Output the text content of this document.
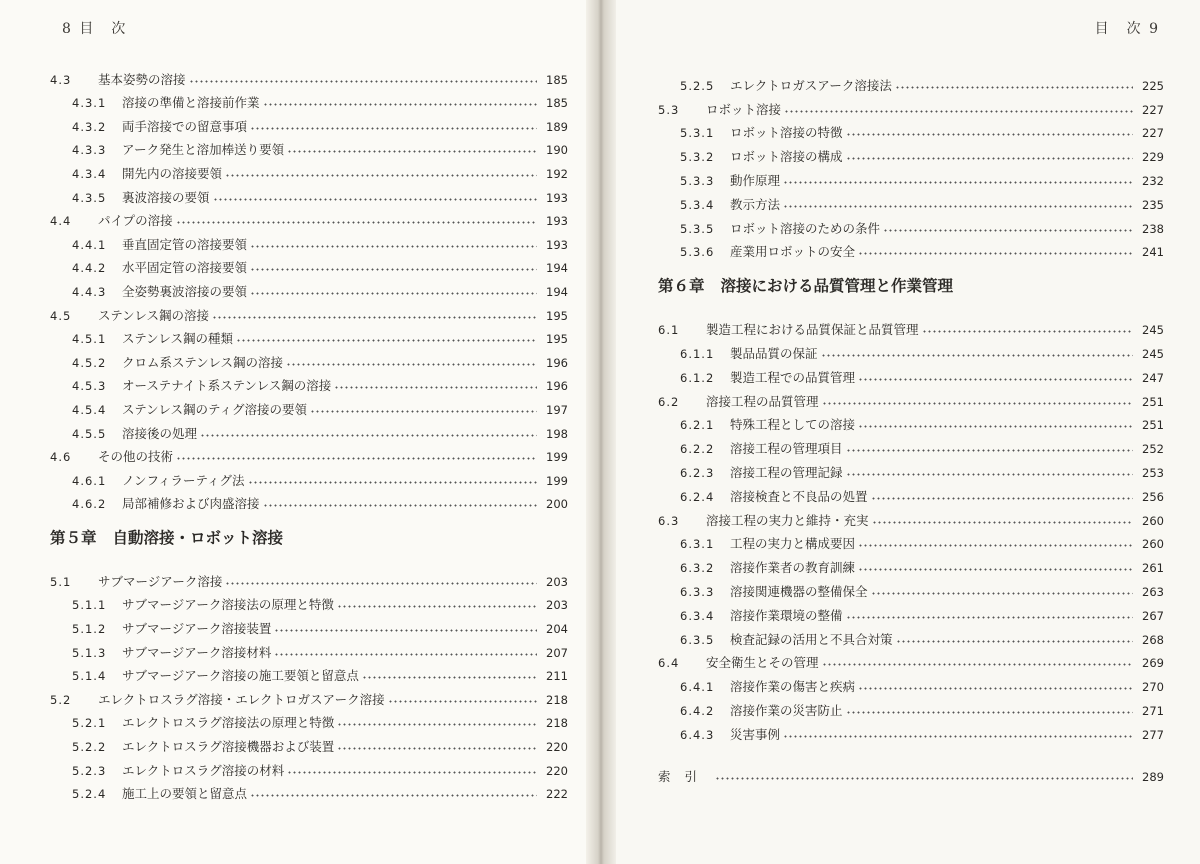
8 目　次
4.3	基本姿勢の溶接	185
4.3.1	溶接の準備と溶接前作業	185
4.3.2	両手溶接での留意事項	189
4.3.3	アーク発生と溶加棒送り要領	190
4.3.4	開先内の溶接要領	192
4.3.5	裏波溶接の要領	193
4.4	パイプの溶接	193
4.4.1	垂直固定管の溶接要領	193
4.4.2	水平固定管の溶接要領	194
4.4.3	全姿勢裏波溶接の要領	194
4.5	ステンレス鋼の溶接	195
4.5.1	ステンレス鋼の種類	195
4.5.2	クロム系ステンレス鋼の溶接	196
4.5.3	オーステナイト系ステンレス鋼の溶接	196
4.5.4	ステンレス鋼のティグ溶接の要領	197
4.5.5	溶接後の処理	198
4.6	その他の技術	199
4.6.1	ノンフィラーティグ法	199
4.6.2	局部補修および肉盛溶接	200
第５章 自動溶接・ロボット溶接
5.1	サブマージアーク溶接	203
5.1.1	サブマージアーク溶接法の原理と特徴	203
5.1.2	サブマージアーク溶接装置	204
5.1.3	サブマージアーク溶接材料	207
5.1.4	サブマージアーク溶接の施工要領と留意点	211
5.2	エレクトロスラグ溶接・エレクトロガスアーク溶接	218
5.2.1	エレクトロスラグ溶接法の原理と特徴	218
5.2.2	エレクトロスラグ溶接機器および装置	220
5.2.3	エレクトロスラグ溶接の材料	220
5.2.4	施工上の要領と留意点	222
目　次 9
5.2.5	エレクトロガスアーク溶接法	225
5.3	ロボット溶接	227
5.3.1	ロボット溶接の特徴	227
5.3.2	ロボット溶接の構成	229
5.3.3	動作原理	232
5.3.4	教示方法	235
5.3.5	ロボット溶接のための条件	238
5.3.6	産業用ロボットの安全	241
第６章 溶接における品質管理と作業管理
6.1	製造工程における品質保証と品質管理	245
6.1.1	製品品質の保証	245
6.1.2	製造工程での品質管理	247
6.2	溶接工程の品質管理	251
6.2.1	特殊工程としての溶接	251
6.2.2	溶接工程の管理項目	252
6.2.3	溶接工程の管理記録	253
6.2.4	溶接検査と不良品の処置	256
6.3	溶接工程の実力と維持・充実	260
6.3.1	工程の実力と構成要因	260
6.3.2	溶接作業者の教育訓練	261
6.3.3	溶接関連機器の整備保全	263
6.3.4	溶接作業環境の整備	267
6.3.5	検査記録の活用と不具合対策	268
6.4	安全衛生とその管理	269
6.4.1	溶接作業の傷害と疾病	270
6.4.2	溶接作業の災害防止	271
6.4.3	災害事例	277
索引	289
